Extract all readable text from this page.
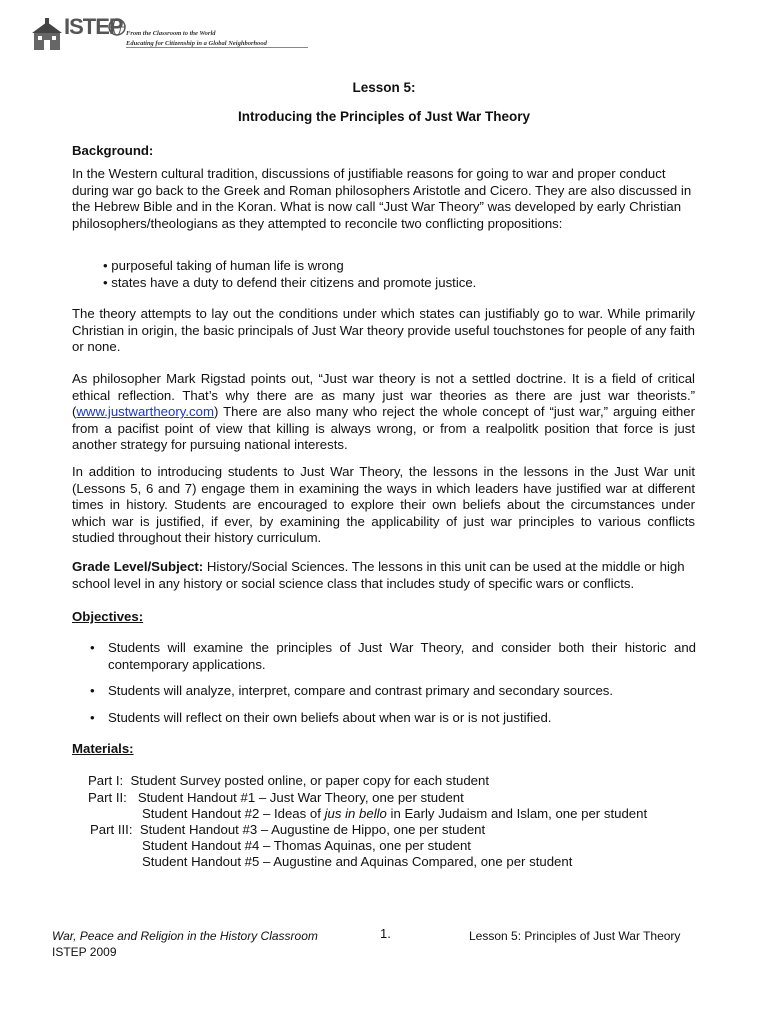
ISTEP From the Classroom to the World
Educating for Citizenship in a Global Neighborhood
Lesson 5:
Introducing the Principles of Just War Theory
Background:

In the Western cultural tradition, discussions of justifiable reasons for going to war and proper conduct during war go back to the Greek and Roman philosophers Aristotle and Cicero. They are also discussed in the Hebrew Bible and in the Koran. What is now call “Just War Theory” was developed by early Christian philosophers/theologians as they attempted to reconcile two conflicting propositions:

• purposeful taking of human life is wrong
• states have a duty to defend their citizens and promote justice.

The theory attempts to lay out the conditions under which states can justifiably go to war. While primarily Christian in origin, the basic principals of Just War theory provide useful touchstones for people of any faith or none.

As philosopher Mark Rigstad points out, “Just war theory is not a settled doctrine. It is a field of critical ethical reflection. That’s why there are as many just war theories as there are just war theorists.” (www.justwartheory.com) There are also many who reject the whole concept of “just war,” arguing either from a pacifist point of view that killing is always wrong, or from a realpolitk position that force is just another strategy for pursuing national interests.

In addition to introducing students to Just War Theory, the lessons in the lessons in the Just War unit (Lessons 5, 6 and 7) engage them in examining the ways in which leaders have justified war at different times in history. Students are encouraged to explore their own beliefs about the circumstances under which war is justified, if ever, by examining the applicability of just war principles to various conflicts studied throughout their history curriculum.

Grade Level/Subject: History/Social Sciences. The lessons in this unit can be used at the middle or high school level in any history or social science class that includes study of specific wars or conflicts.

Objectives:
•	Students will examine the principles of Just War Theory, and consider both their historic and contemporary applications.
•	Students will analyze, interpret, compare and contrast primary and secondary sources.
•	Students will reflect on their own beliefs about when war is or is not justified.
Materials:
Part I:  Student Survey posted online, or paper copy for each student
Part II:   Student Handout #1 – Just War Theory, one per student
Student Handout #2 – Ideas of jus in bello in Early Judaism and Islam, one per student
Part III:  Student Handout #3 – Augustine de Hippo, one per student
Student Handout #4 – Thomas Aquinas, one per student
Student Handout #5 – Augustine and Aquinas Compared, one per student
War, Peace and Religion in the History Classroom
ISTEP 2009
1.	Lesson 5: Principles of Just War Theory
